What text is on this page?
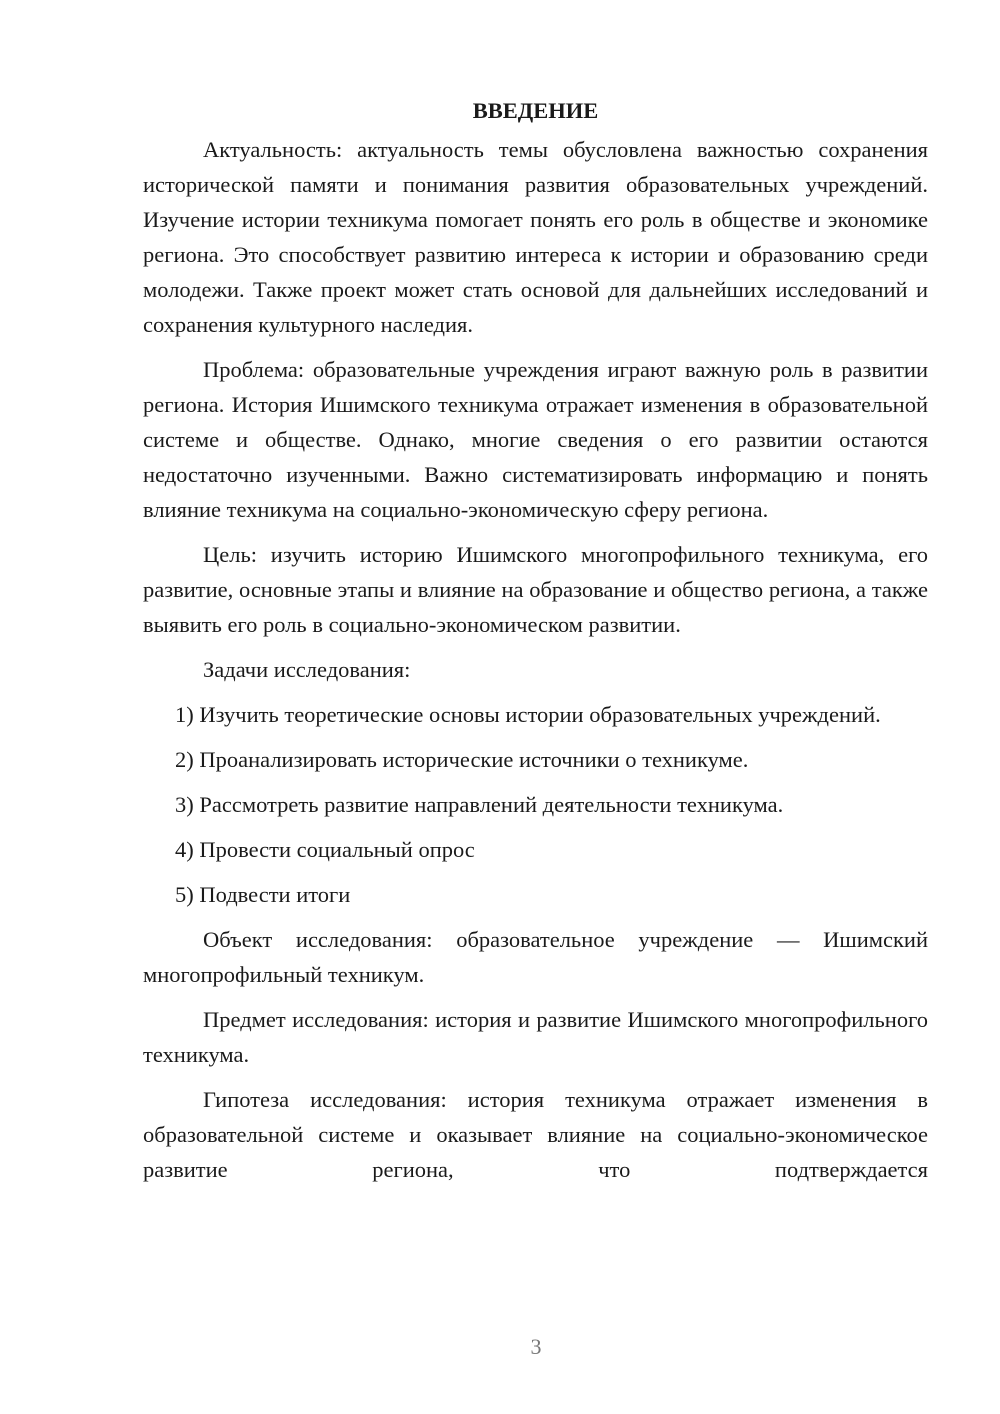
ВВЕДЕНИЕ

Актуальность: актуальность темы обусловлена важностью сохранения исторической памяти и понимания развития образовательных учреждений. Изучение истории техникума помогает понять его роль в обществе и экономике региона. Это способствует развитию интереса к истории и образованию среди молодежи. Также проект может стать основой для дальнейших исследований и сохранения культурного наследия.

Проблема: образовательные учреждения играют важную роль в развитии региона. История Ишимского техникума отражает изменения в образовательной системе и обществе. Однако, многие сведения о его развитии остаются недостаточно изученными. Важно систематизировать информацию и понять влияние техникума на социально-экономическую сферу региона.

Цель: изучить историю Ишимского многопрофильного техникума, его развитие, основные этапы и влияние на образование и общество региона, а также выявить его роль в социально-экономическом развитии.

Задачи исследования:

1) Изучить теоретические основы истории образовательных учреждений.

2) Проанализировать исторические источники о техникуме.

3) Рассмотреть развитие направлений деятельности техникума.

4) Провести социальный опрос

5) Подвести итоги

Объект исследования: образовательное учреждение — Ишимский многопрофильный техникум.

Предмет исследования: история и развитие Ишимского многопрофильного техникума.

Гипотеза исследования: история техникума отражает изменения в образовательной системе и оказывает влияние на социально-экономическое развитие региона, что подтверждается

3
